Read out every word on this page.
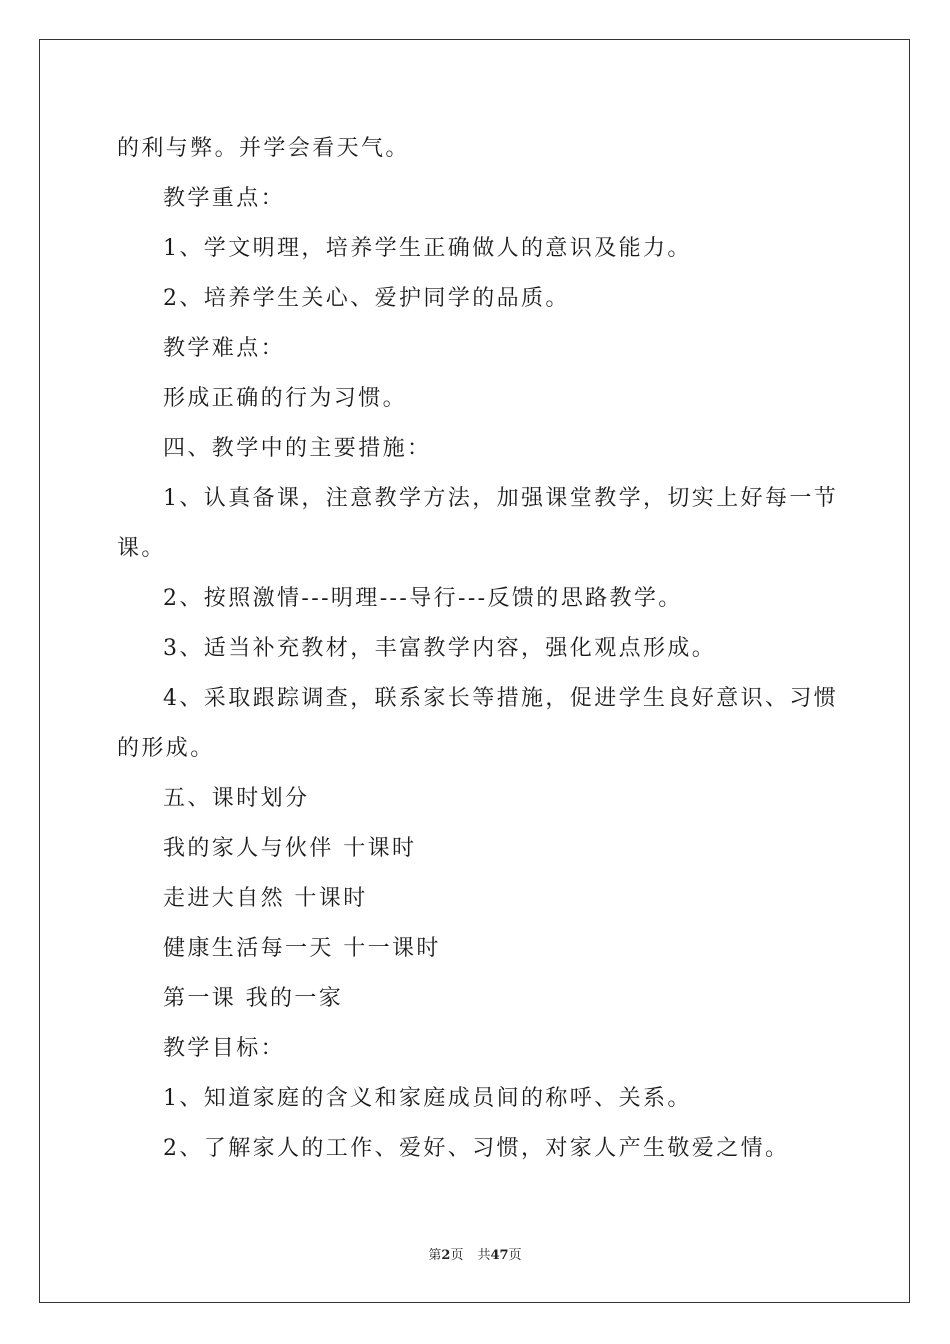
的利与弊。并学会看天气。
教学重点：
1、学文明理，培养学生正确做人的意识及能力。
2、培养学生关心、爱护同学的品质。
教学难点：
形成正确的行为习惯。
四、教学中的主要措施：
1、认真备课，注意教学方法，加强课堂教学，切实上好每一节
课。
2、按照激情---明理---导行---反馈的思路教学。
3、适当补充教材，丰富教学内容，强化观点形成。
4、采取跟踪调查，联系家长等措施，促进学生良好意识、习惯
的形成。
五、课时划分
我的家人与伙伴 十课时
走进大自然 十课时
健康生活每一天 十一课时
第一课 我的一家
教学目标：
1、知道家庭的含义和家庭成员间的称呼、关系。
2、了解家人的工作、爱好、习惯，对家人产生敬爱之情。
第2页 共47页
